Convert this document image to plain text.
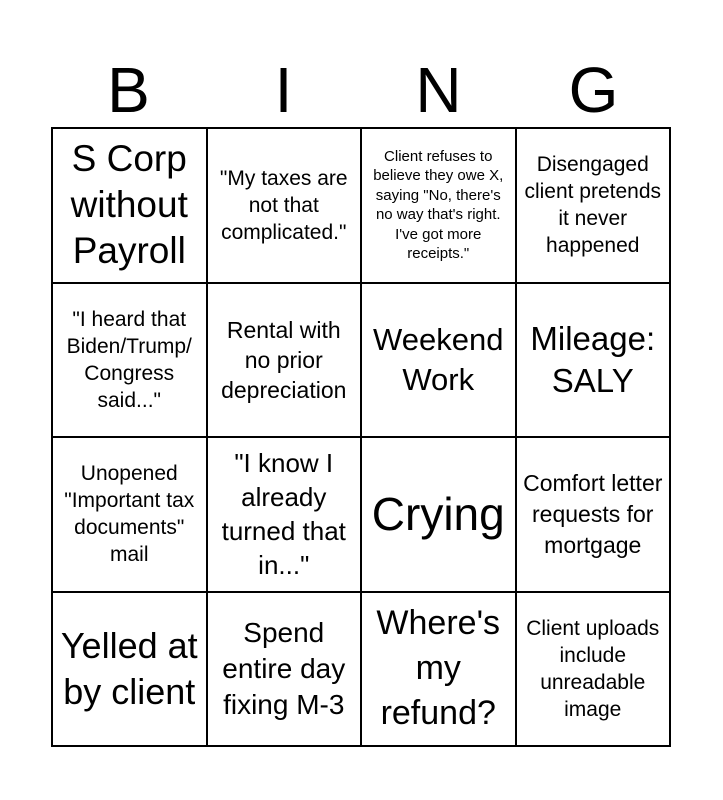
B	I	N	G
S Corp without Payroll
"My taxes are not that complicated."
Client refuses to believe they owe X, saying "No, there's no way that's right. I've got more receipts."
Disengaged client pretends it never happened
"I heard that Biden/Trump/ Congress said..."
Rental with no prior depreciation
Weekend Work
Mileage: SALY
Unopened "Important tax documents" mail
"I know I already turned that in..."
Crying
Comfort letter requests for mortgage
Yelled at by client
Spend entire day fixing M-3
Where's my refund?
Client uploads include unreadable image
